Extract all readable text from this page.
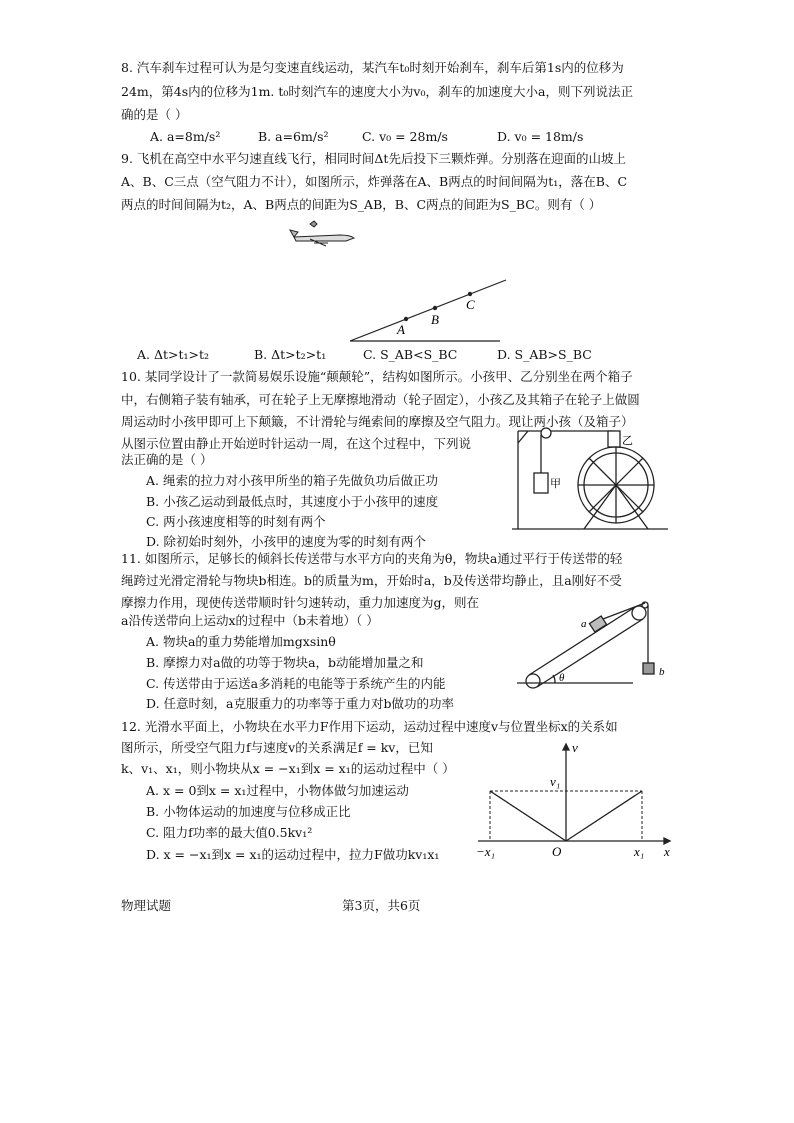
8. 汽车刹车过程可认为是匀变速直线运动，某汽车t₀时刻开始刹车，刹车后第1s内的位移为
24m，第4s内的位移为1m. t₀时刻汽车的速度大小为v₀，刹车的加速度大小a，则下列说法正
确的是（ ）
A. a=8m/s²	B. a=6m/s²	C. v₀ = 28m/s	D. v₀ = 18m/s
9. 飞机在高空中水平匀速直线飞行，相同时间Δt先后投下三颗炸弹。分别落在迎面的山坡上
A、B、C三点（空气阻力不计），如图所示，炸弹落在A、B两点的时间间隔为t₁，落在B、C
两点的时间间隔为t₂，A、B两点的间距为S_AB，B、C两点的间距为S_BC。则有（ ）
A
B
C
A. Δt>t₁>t₂	B. Δt>t₂>t₁	C. S_AB<S_BC	D. S_AB>S_BC
10. 某同学设计了一款简易娱乐设施“颠颠轮”，结构如图所示。小孩甲、乙分别坐在两个箱子
中，右侧箱子装有轴承，可在轮子上无摩擦地滑动（轮子固定），小孩乙及其箱子在轮子上做圆
周运动时小孩甲即可上下颠簸，不计滑轮与绳索间的摩擦及空气阻力。现让两小孩（及箱子）
从图示位置由静止开始逆时针运动一周，在这个过程中，下列说
法正确的是（ ）
A. 绳索的拉力对小孩甲所坐的箱子先做负功后做正功
B. 小孩乙运动到最低点时，其速度小于小孩甲的速度
C. 两小孩速度相等的时刻有两个
D. 除初始时刻外，小孩甲的速度为零的时刻有两个
乙
甲
11. 如图所示，足够长的倾斜长传送带与水平方向的夹角为θ，物块a通过平行于传送带的轻
绳跨过光滑定滑轮与物块b相连。b的质量为m，开始时a，b及传送带均静止，且a刚好不受
摩擦力作用，现使传送带顺时针匀速转动，重力加速度为g，则在
a沿传送带向上运动x的过程中（b未着地）（ ）
A. 物块a的重力势能增加mgxsinθ
B. 摩擦力对a做的功等于物块a，b动能增加量之和
C. 传送带由于运送a多消耗的电能等于系统产生的内能
D. 任意时刻，a克服重力的功率等于重力对b做功的功率
a
b
θ
12. 光滑水平面上，小物块在水平力F作用下运动，运动过程中速度v与位置坐标x的关系如
图所示，所受空气阻力f与速度v的关系满足f = kv，已知
k、v₁、x₁，则小物块从x = −x₁到x = x₁的运动过程中（ ）
A. x = 0到x = x₁过程中，小物体做匀加速运动
B. 小物体运动的加速度与位移成正比
C. 阻力f功率的最大值0.5kv₁²
D. x = −x₁到x = x₁的运动过程中，拉力F做功kv₁x₁
v
v₁
−x₁	O	x₁ x
物理试题	第3页，共6页
